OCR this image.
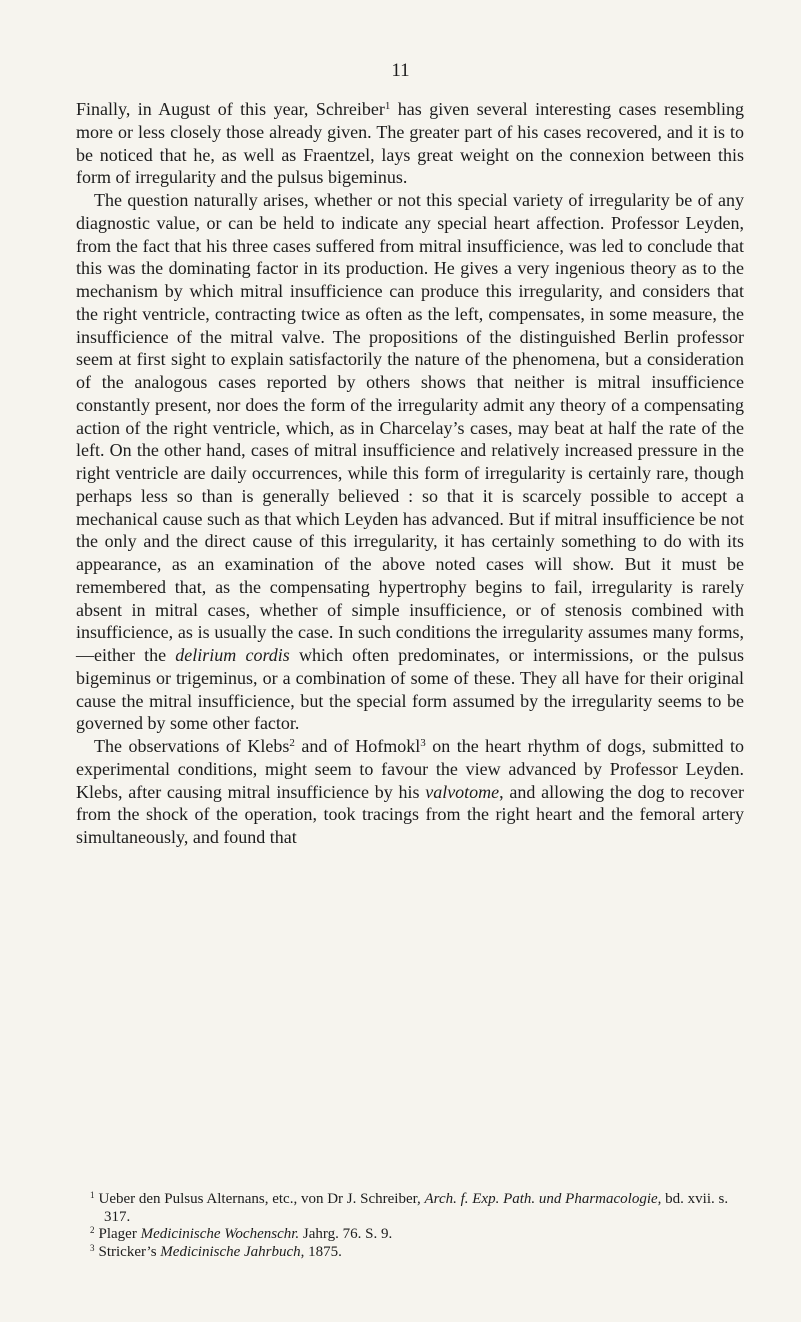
11

Finally, in August of this year, Schreiber$^1$ has given several interesting cases resembling more or less closely those already given. The greater part of his cases recovered, and it is to be noticed that he, as well as Fraentzel, lays great weight on the connexion between this form of irregularity and the pulsus bigeminus.

The question naturally arises, whether or not this special variety of irregularity be of any diagnostic value, or can be held to indicate any special heart affection. Professor Leyden, from the fact that his three cases suffered from mitral insufficience, was led to conclude that this was the dominating factor in its production. He gives a very ingenious theory as to the mechanism by which mitral insufficience can produce this irregularity, and considers that the right ventricle, contracting twice as often as the left, compensates, in some measure, the insufficience of the mitral valve. The propositions of the distinguished Berlin professor seem at first sight to explain satisfactorily the nature of the phenomena, but a consideration of the analogous cases reported by others shows that neither is mitral insufficience constantly present, nor does the form of the irregularity admit any theory of a compensating action of the right ventricle, which, as in Charcelay’s cases, may beat at half the rate of the left. On the other hand, cases of mitral insufficience and relatively increased pressure in the right ventricle are daily occurrences, while this form of irregularity is certainly rare, though perhaps less so than is generally believed : so that it is scarcely possible to accept a mechanical cause such as that which Leyden has advanced. But if mitral insufficience be not the only and the direct cause of this irregularity, it has certainly something to do with its appearance, as an examination of the above noted cases will show. But it must be remembered that, as the compensating hypertrophy begins to fail, irregularity is rarely absent in mitral cases, whether of simple insufficience, or of stenosis combined with insufficience, as is usually the case. In such conditions the irregularity assumes many forms,—either the delirium cordis which often predominates, or intermissions, or the pulsus bigeminus or trigeminus, or a combination of some of these. They all have for their original cause the mitral insufficience, but the special form assumed by the irregularity seems to be governed by some other factor.

The observations of Klebs$^2$ and of Hofmokl$^3$ on the heart rhythm of dogs, submitted to experimental conditions, might seem to favour the view advanced by Professor Leyden. Klebs, after causing mitral insufficience by his valvotome, and allowing the dog to recover from the shock of the operation, took tracings from the right heart and the femoral artery simultaneously, and found that

$^1$ Ueber den Pulsus Alternans, etc., von Dr J. Schreiber, Arch. f. Exp. Path. und Pharmacologie, bd. xvii. s. 317.

$^2$ Plager Medicinische Wochenschr. Jahrg. 76. S. 9.

$^3$ Stricker’s Medicinische Jahrbuch, 1875.
